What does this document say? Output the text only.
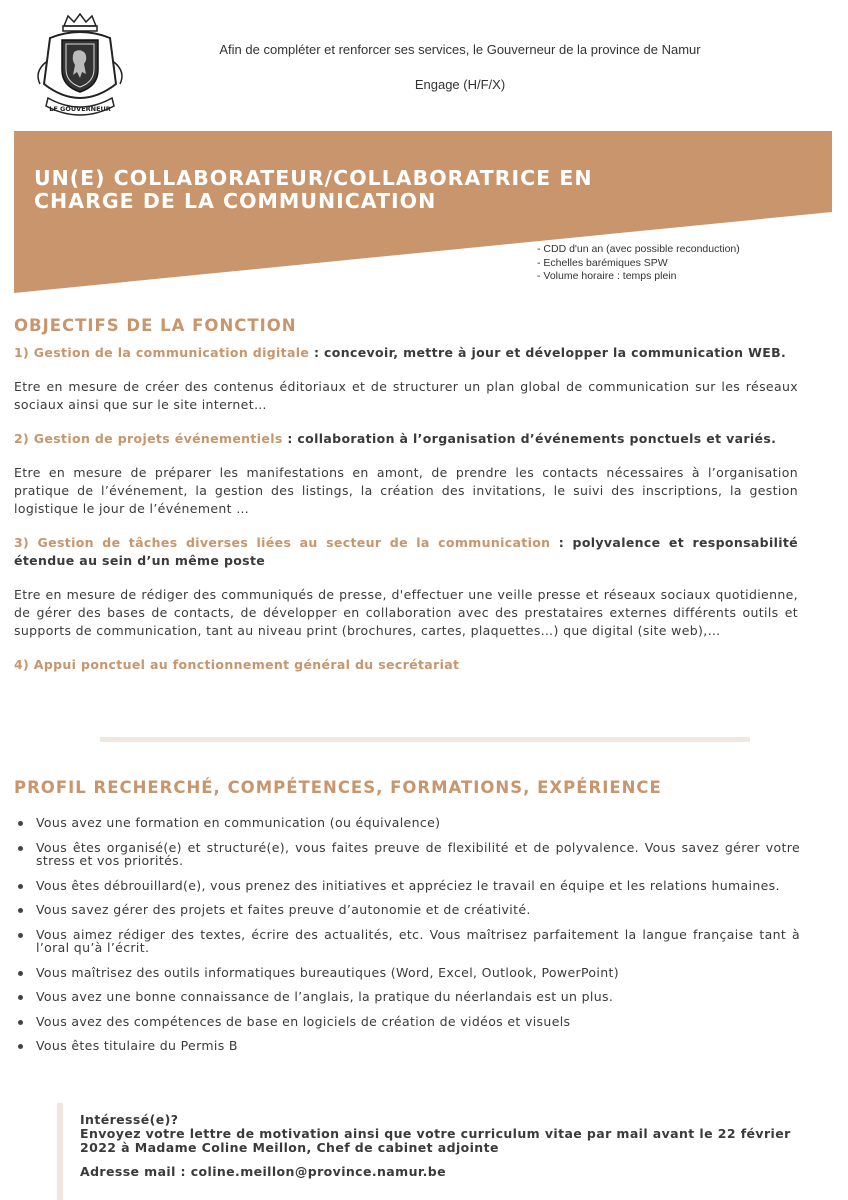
LE GOUVERNEUR
Afin de compléter et renforcer ses services, le Gouverneur de la province de Namur
Engage (H/F/X)
UN(E) COLLABORATEUR/COLLABORATRICE EN
CHARGE DE LA COMMUNICATION
- CDD d'un an (avec possible reconduction)
- Echelles barémiques SPW
- Volume horaire : temps plein
OBJECTIFS DE LA FONCTION

1) Gestion de la communication digitale : concevoir, mettre à jour et développer la communication WEB.

Etre en mesure de créer des contenus éditoriaux et de structurer un plan global de communication sur les réseaux sociaux ainsi que sur le site internet…

2) Gestion de projets événementiels : collaboration à l’organisation d’événements ponctuels et variés.

Etre en mesure de préparer les manifestations en amont, de prendre les contacts nécessaires à l’organisation pratique de l’événement, la gestion des listings, la création des invitations, le suivi des inscriptions, la gestion logistique le jour de l’événement …

3) Gestion de tâches diverses liées au secteur de la communication : polyvalence et responsabilité étendue au sein d’un même poste

Etre en mesure de rédiger des communiqués de presse, d'effectuer une veille presse et réseaux sociaux quotidienne, de gérer des bases de contacts, de développer en collaboration avec des prestataires externes différents outils et supports de communication, tant au niveau print (brochures, cartes, plaquettes…) que digital (site web),…

4) Appui ponctuel au fonctionnement général du secrétariat

PROFIL RECHERCHÉ, COMPÉTENCES, FORMATIONS, EXPÉRIENCE
Vous avez une formation en communication (ou équivalence)
Vous êtes organisé(e) et structuré(e), vous faites preuve de flexibilité et de polyvalence. Vous savez gérer votre stress et vos priorités.
Vous êtes débrouillard(e), vous prenez des initiatives et appréciez le travail en équipe et les relations humaines.
Vous savez gérer des projets et faites preuve d’autonomie et de créativité.
Vous aimez rédiger des textes, écrire des actualités, etc. Vous maîtrisez parfaitement la langue française tant à l’oral qu’à l’écrit.
Vous maîtrisez des outils informatiques bureautiques (Word, Excel, Outlook, PowerPoint)
Vous avez une bonne connaissance de l’anglais, la pratique du néerlandais est un plus.
Vous avez des compétences de base en logiciels de création de vidéos et visuels
Vous êtes titulaire du Permis B

Intéressé(e)?

Envoyez votre lettre de motivation ainsi que votre curriculum vitae par mail avant le 22 février 2022 à Madame Coline Meillon, Chef de cabinet adjointe

Adresse mail : coline.meillon@province.namur.be
